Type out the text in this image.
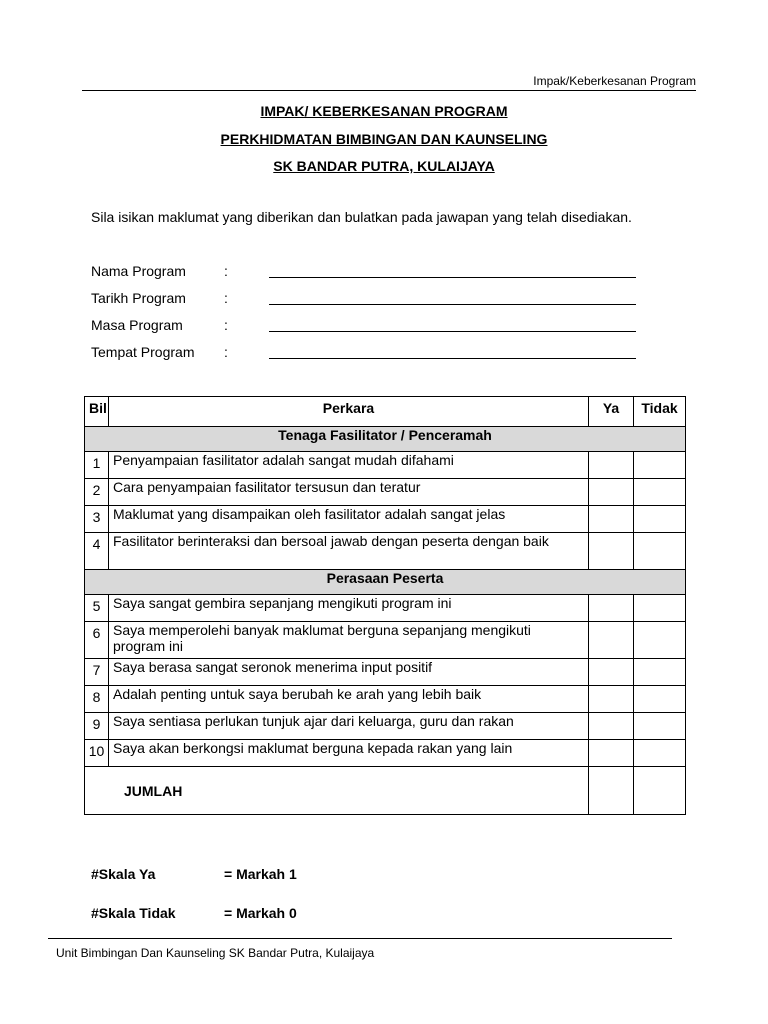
Impak/Keberkesanan Program
IMPAK/ KEBERKESANAN PROGRAM
PERKHIDMATAN BIMBINGAN DAN KAUNSELING
SK BANDAR PUTRA, KULAIJAYA
Sila isikan maklumat yang diberikan dan bulatkan pada jawapan yang telah disediakan.
Nama Program	:
Tarikh Program	:
Masa Program	:
Tempat Program :
Bil	Perkara	Ya	Tidak
Tenaga Fasilitator / Penceramah			
1	Penyampaian fasilitator adalah sangat mudah difahami		
2	Cara penyampaian fasilitator tersusun dan teratur		
3	Maklumat yang disampaikan oleh fasilitator adalah sangat jelas		
4	Fasilitator berinteraksi dan bersoal jawab dengan peserta dengan baik		
Perasaan Peserta			
5	Saya sangat gembira sepanjang mengikuti program ini		
6	Saya memperolehi banyak maklumat berguna sepanjang mengikuti program ini		
7	Saya berasa sangat seronok menerima input positif		
8	Adalah penting untuk saya berubah ke arah yang lebih baik		
9	Saya sentiasa perlukan tunjuk ajar dari keluarga, guru dan rakan		
10	Saya akan berkongsi maklumat berguna kepada rakan yang lain		
JUMLAH			
#Skala Ya	= Markah 1
#Skala Tidak	= Markah 0
Unit Bimbingan Dan Kaunseling SK Bandar Putra, Kulaijaya
